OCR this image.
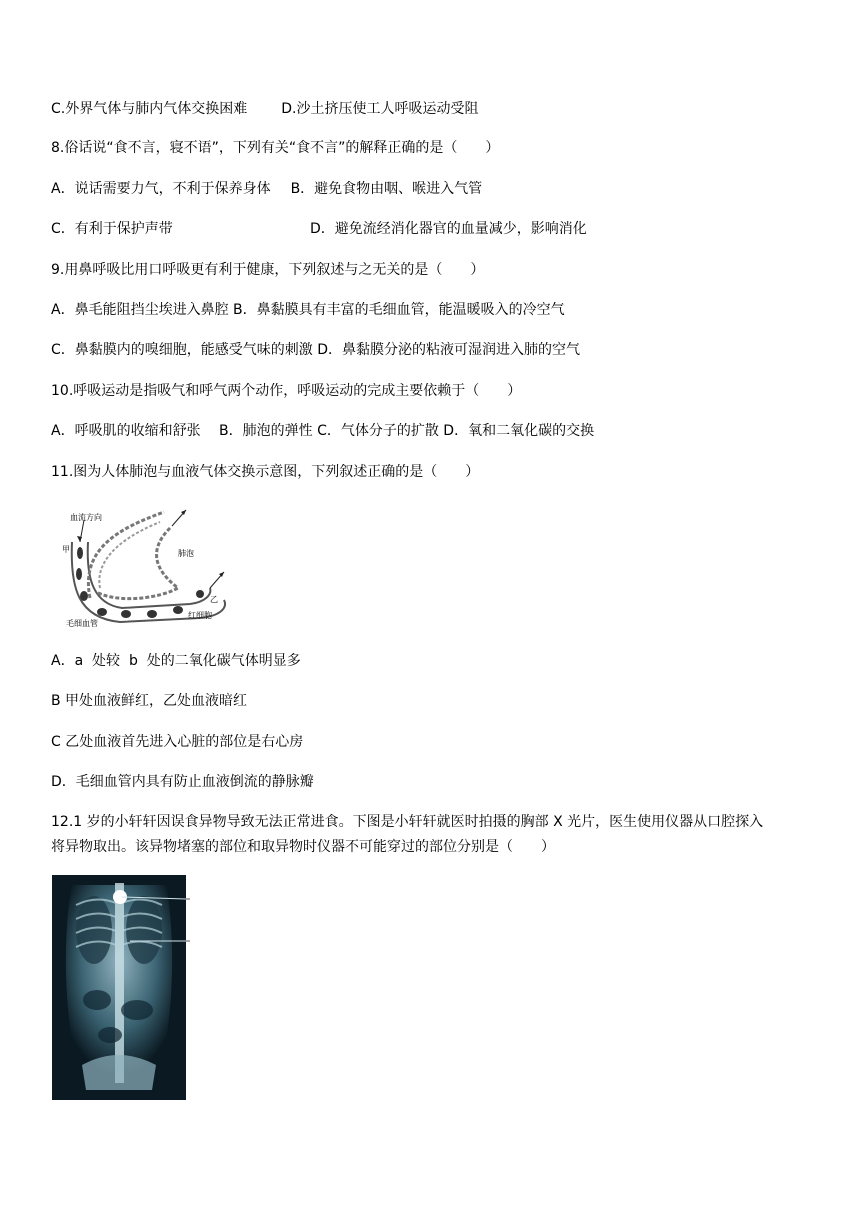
C.外界气体与肺内气体交换困难 D.沙土挤压使工人呼吸运动受阻
8.俗话说“食不言，寝不语”，下列有关“食不言”的解释正确的是（　　）
A．说话需要力气，不利于保养身体 B．避免食物由咽、喉进入气管
C．有利于保护声带	D．避免流经消化器官的血量减少，影响消化
9.用鼻呼吸比用口呼吸更有利于健康，下列叙述与之无关的是（　　）
A．鼻毛能阻挡尘埃进入鼻腔 B．鼻黏膜具有丰富的毛细血管，能温暖吸入的冷空气
C．鼻黏膜内的嗅细胞，能感受气味的刺激 D．鼻黏膜分泌的粘液可湿润进入肺的空气
10.呼吸运动是指吸气和呼气两个动作，呼吸运动的完成主要依赖于（　　）
A．呼吸肌的收缩和舒张　 B．肺泡的弹性 C．气体分子的扩散 D．氧和二氧化碳的交换
11.图为人体肺泡与血液气体交换示意图，下列叙述正确的是（　　）
血流方向
甲	肺泡
乙
红细胞
毛细血管
A．a  处较  b  处的二氧化碳气体明显多
B 甲处血液鲜红，乙处血液暗红
C 乙处血液首先进入心脏的部位是右心房
D．毛细血管内具有防止血液倒流的静脉瓣
12.1 岁的小轩轩因误食异物导致无法正常进食。下图是小轩轩就医时拍摄的胸部 X 光片，医生使用仪器从口腔探入
将异物取出。该异物堵塞的部位和取异物时仪器不可能穿过的部位分别是（　　）
